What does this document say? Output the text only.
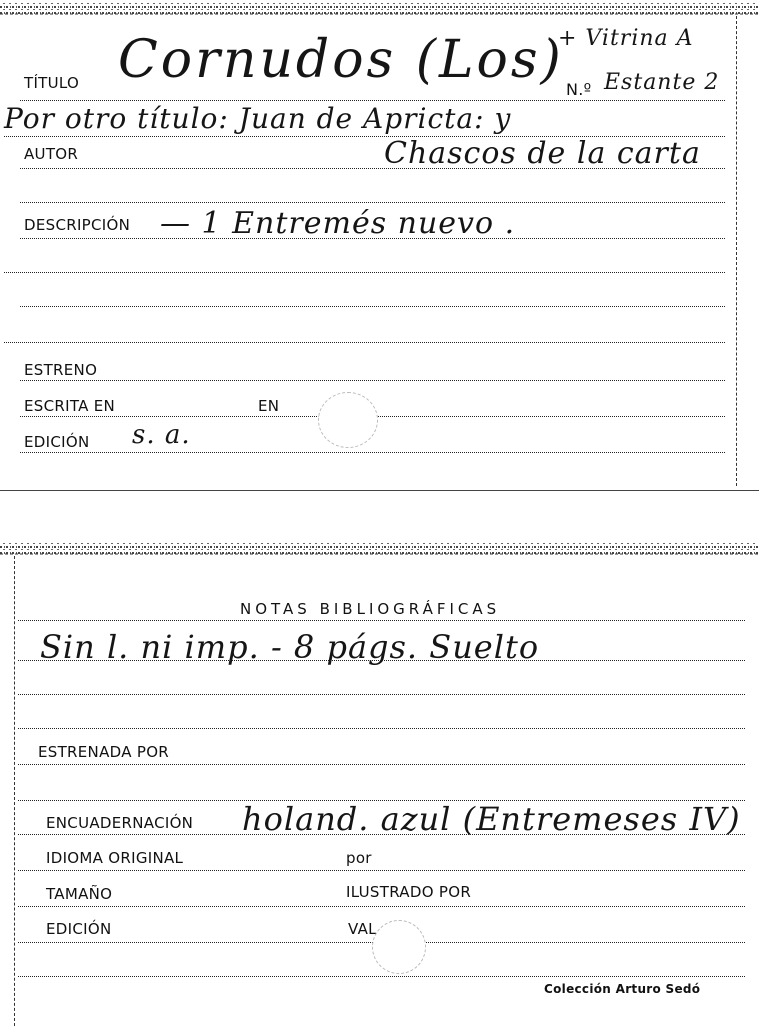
TÍTULO Cornudos (Los)
+ Vitrina A
N.º Estante 2
Por otro título: Juan de Apricta: y
AUTOR	Chascos de la carta
DESCRIPCIÓN — 1 Entremés nuevo .
ESTRENO
ESCRITA EN	EN
EDICIÓN s. a.
NOTAS BIBLIOGRÁFICAS
Sin l. ni imp. - 8 págs. Suelto
ESTRENADA POR
ENCUADERNACIÓN holand. azul (Entremeses IV)
IDIOMA ORIGINAL	por
TAMAÑO	ILUSTRADO POR
EDICIÓN	VAL
Colección Arturo Sedó
